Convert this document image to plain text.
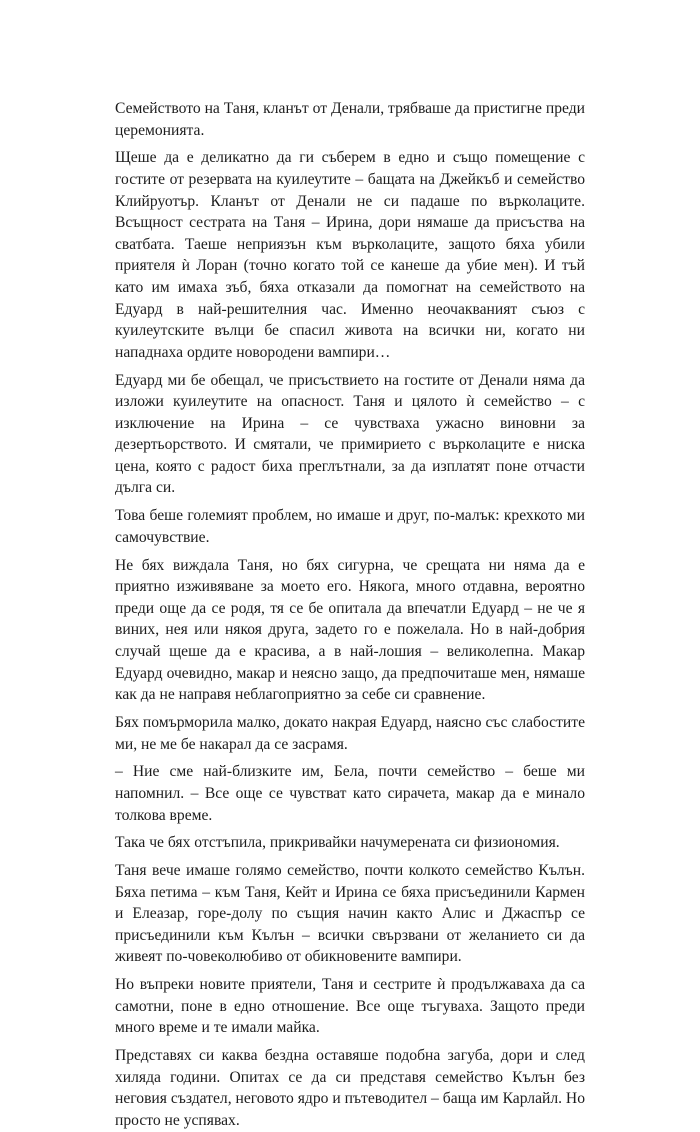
Семейството на Таня, кланът от Денали, трябваше да пристигне преди церемонията.

Щеше да е деликатно да ги съберем в едно и също помещение с гостите от резервата на куилеутите – бащата на Джейкъб и семейство Клийруотър. Кланът от Денали не си падаше по върколаците. Всъщност сестрата на Таня – Ирина, дори нямаше да присъства на сватбата. Таеше неприязън към върколаците, защото бяха убили приятеля ѝ Лоран (точно когато той се канеше да убие мен). И тъй като им имаха зъб, бяха отказали да помогнат на семейството на Едуард в най-решителния час. Именно неочакваният съюз с куилеутските вълци бе спасил живота на всички ни, когато ни нападнаха ордите новородени вампири…

Едуард ми бе обещал, че присъствието на гостите от Денали няма да изложи куилеутите на опасност. Таня и цялото ѝ семейство – с изключение на Ирина – се чувстваха ужасно виновни за дезертьорството. И смятали, че примирието с върколаците е ниска цена, която с радост биха преглътнали, за да изплатят поне отчасти дълга си.

Това беше големият проблем, но имаше и друг, по-малък: крехкото ми самочувствие.

Не бях виждала Таня, но бях сигурна, че срещата ни няма да е приятно изживяване за моето его. Някога, много отдавна, вероятно преди още да се родя, тя се бе опитала да впечатли Едуард – не че я виних, нея или някоя друга, задето го е пожелала. Но в най-добрия случай щеше да е красива, а в най-лошия – великолепна. Макар Едуард очевидно, макар и неясно защо, да предпочиташе мен, нямаше как да не направя неблагоприятно за себе си сравнение.

Бях помърморила малко, докато накрая Едуард, наясно със слабостите ми, не ме бе накарал да се засрамя.

– Ние сме най-близките им, Бела, почти семейство – беше ми напомнил. – Все още се чувстват като сирачета, макар да е минало толкова време.

Така че бях отстъпила, прикривайки начумерената си физиономия.

Таня вече имаше голямо семейство, почти колкото семейство Кълън. Бяха петима – към Таня, Кейт и Ирина се бяха присъединили Кармен и Елеазар, горе-долу по същия начин както Алис и Джаспър се присъединили към Кълън – всички свързвани от желанието си да живеят по-човеколюбиво от обикновените вампири.

Но въпреки новите приятели, Таня и сестрите ѝ продължаваха да са самотни, поне в едно отношение. Все още тъгуваха. Защото преди много време и те имали майка.

Представях си каква бездна оставяше подобна загуба, дори и след хиляда години. Опитах се да си представя семейство Кълън без неговия създател, неговото ядро и пътеводител – баща им Карлайл. Но просто не успявах.
